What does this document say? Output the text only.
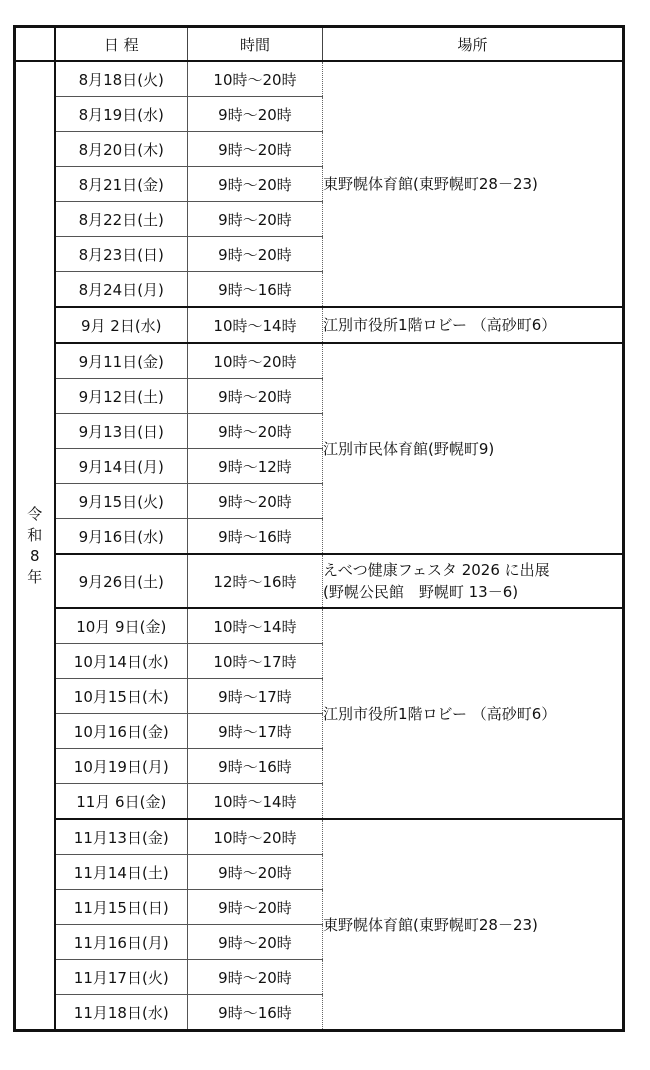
	日 程	時間	場所

令
和
8
年	8月18日(火)	10時～20時	東野幌体育館(東野幌町28－23)

	8月19日(水)	9時～20時	
	8月20日(木)	9時～20時	
	8月21日(金)	9時～20時	
	8月22日(土)	9時～20時	
	8月23日(日)	9時～20時	
	8月24日(月)	9時～16時	
	9月 2日(水)	10時～14時	江別市役所1階ロビー （高砂町6）

	9月11日(金)	10時～20時	江別市民体育館(野幌町9)

	9月12日(土)	9時～20時	
	9月13日(日)	9時～20時	
	9月14日(月)	9時～12時	
	9月15日(火)	9時～20時	
	9月16日(水)	9時～16時	
	9月26日(土)	12時～16時	えべつ健康フェスタ 2026 に出展
(野幌公民館　野幌町 13－6)

	10月 9日(金)	10時～14時	江別市役所1階ロビー （高砂町6）

	10月14日(水)	10時～17時	
	10月15日(木)	9時～17時	
	10月16日(金)	9時～17時	
	10月19日(月)	9時～16時	
	11月 6日(金)	10時～14時	
	11月13日(金)	10時～20時	東野幌体育館(東野幌町28－23)

	11月14日(土)	9時～20時	
	11月15日(日)	9時～20時	
	11月16日(月)	9時～20時	
	11月17日(火)	9時～20時	
	11月18日(水)	9時～16時	
